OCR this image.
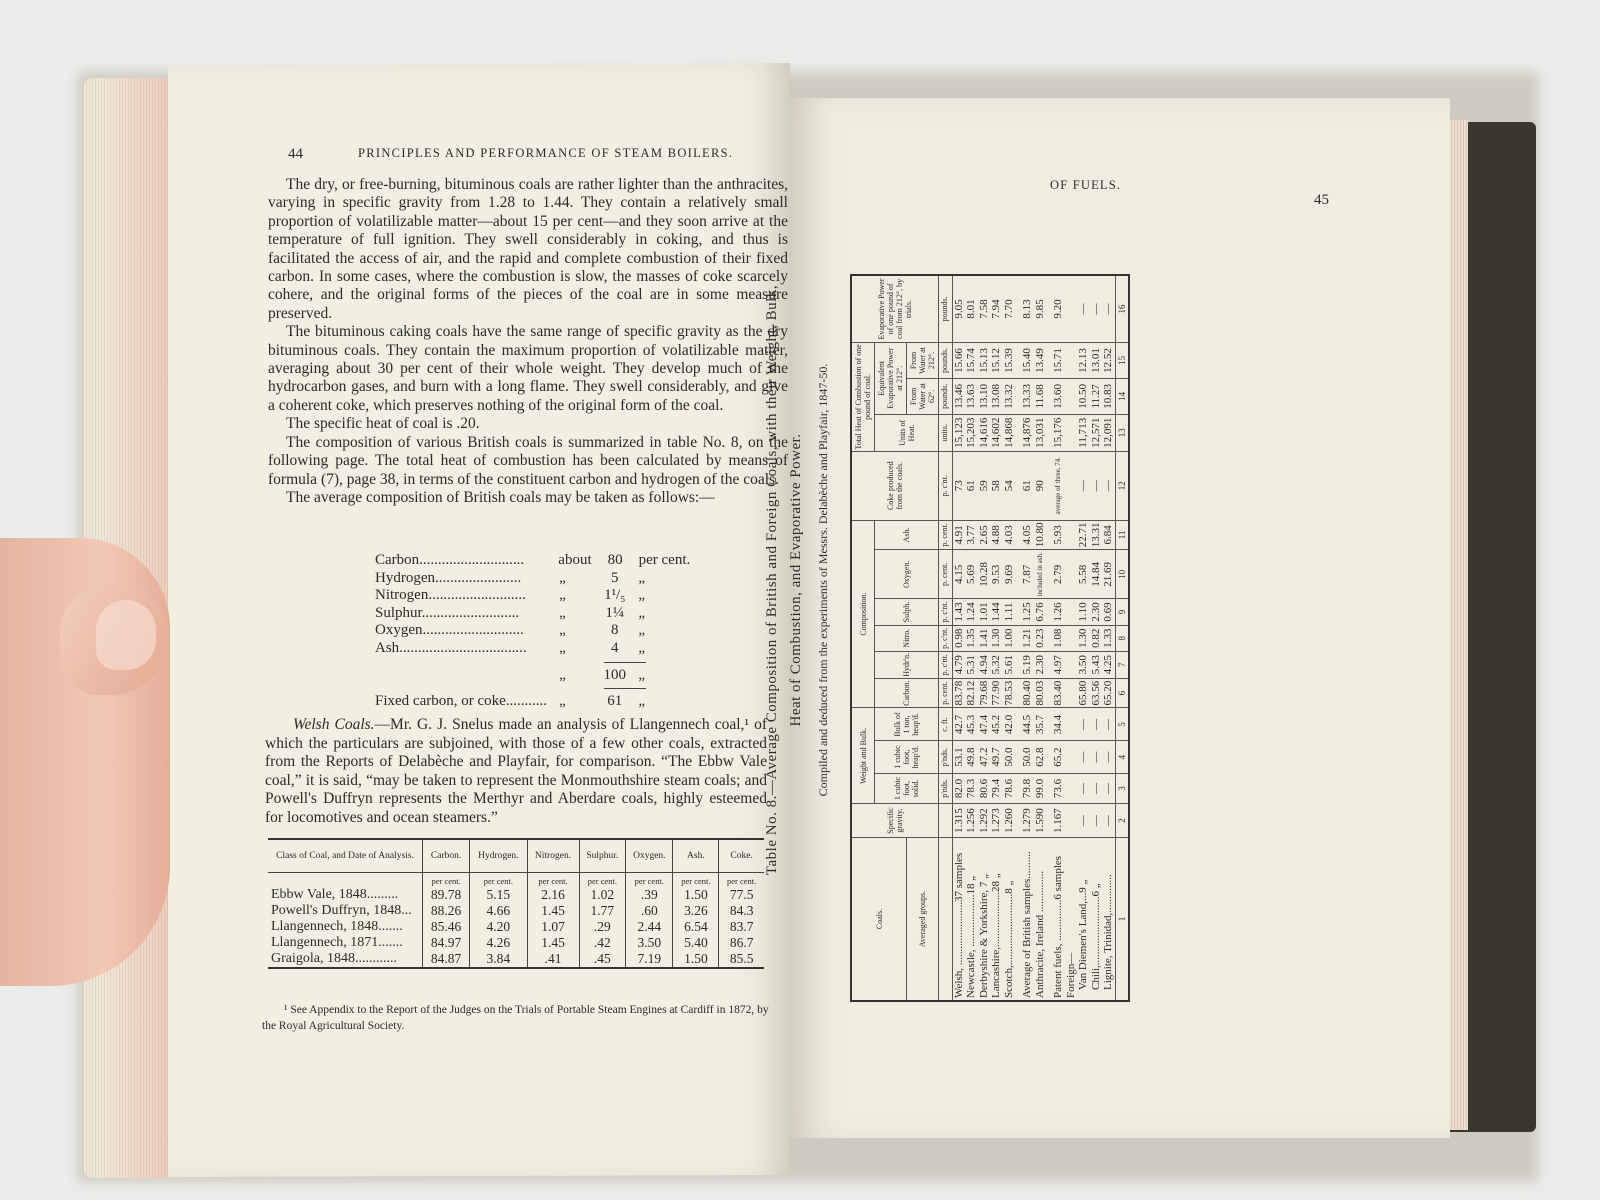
44	PRINCIPLES AND PERFORMANCE OF STEAM BOILERS.

The dry, or free-burning, bituminous coals are rather lighter than the anthracites, varying in specific gravity from 1.28 to 1.44. They contain a relatively small proportion of volatilizable matter—about 15 per cent—and they soon arrive at the temperature of full ignition. They swell considerably in coking, and thus is facilitated the access of air, and the rapid and complete combustion of their fixed carbon. In some cases, where the combustion is slow, the masses of coke scarcely cohere, and the original forms of the pieces of the coal are in some measure preserved.

The bituminous caking coals have the same range of specific gravity as the dry bituminous coals. They contain the maximum proportion of volatilizable matter, averaging about 30 per cent of their whole weight. They develop much of the hydrocarbon gases, and burn with a long flame. They swell considerably, and give a coherent coke, which preserves nothing of the original form of the coal.

The specific heat of coal is .20.

The composition of various British coals is summarized in table No. 8, on the following page. The total heat of combustion has been calculated by means of formula (7), page 38, in terms of the constituent carbon and hydrogen of the coals.

The average composition of British coals may be taken as follows:—

Carbon............................	about	80	per cent.
Hydrogen.......................	„	5	„
Nitrogen..........................	„	1¹/₅ „
Sulphur..........................	„	1¼ „
Oxygen...........................	„	8	„
Ash..................................	„	4	„
„	100 „
Fixed carbon, or coke........... „	61	„

Welsh Coals.—Mr. G. J. Snelus made an analysis of Llangennech coal,¹ of which the particulars are subjoined, with those of a few other coals, extracted from the Reports of Delabèche and Playfair, for comparison. “The Ebbw Vale coal,” it is said, “may be taken to represent the Monmouthshire steam coals; and Powell's Duffryn represents the Merthyr and Aberdare coals, highly esteemed for locomotives and ocean steamers.”

Class of Coal, and Date of Analysis.	Carbon.	Hydrogen.	Nitrogen.	Sulphur.	Oxygen.	Ash.	Coke.
	per cent.	per cent.	per cent.	per cent.	per cent.	per cent.	per cent.
Ebbw Vale, 1848.........	89.78	5.15	2.16	1.02	.39	1.50	77.5
Powell's Duffryn, 1848...	88.26	4.66	1.45	1.77	.60	3.26	84.3
Llangennech, 1848.......	85.46	4.20	1.07	.29	2.44	6.54	83.7
Llangennech, 1871.......	84.97	4.26	1.45	.42	3.50	5.40	86.7
Graigola, 1848............	84.87	3.84	.41	.45	7.19	1.50	85.5

¹ See Appendix to the Report of the Judges on the Trials of Portable Steam Engines at Cardiff in 1872, by the Royal Agricultural Society.

OF FUELS.
45
Table No. 8.—Average Composition of British and Foreign Coals, with their Weight, Bulk, Heat of Combustion, and Evaporative Power. Compiled and deduced from the experiments of Messrs. Delabèche and Playfair, 1847-50.
Coals.	Specific gravity.	Weight and Bulk.			Composition.						Coke produced from the coals.	Total Heat of Combustion of one pound of coal.			Evaporative Power of one pound of coal from 212°, by trials.
		1 cubic foot, solid.	1 cubic foot, heap'd.	Bulk of 1 ton, heap'd.	Carbon.	Hydr'n.	Nitro.	Sulph.	Oxygen.	Ash.		Units of Heat.	Equivalent Evaporative Power at 212°.		
Averaged groups.													From Water at 62°.	From Water at 212°.	
		p'nds.	p'nds.	c. ft.	p. cent.	p. c'nt.	p. c'nt.	p. c'nt.	p. cent.	p. cent.	p. c'nt.	units.	pounds.	pounds.	pounds.
Welsh, .......................37 samples	1.315	82.0	53.1	42.7	83.78	4.79	0.98	1.43	4.15	4.91	73	15,123	13.46	15.66	9.05
Newcastle, ...................18 „	1.256	78.3	49.8	45.3	82.12	5.31	1.35	1.24	5.69	3.77	61	15,203	13.63	15.74	8.01
Derbyshire & Yorkshire, 7 „	1.292	80.6	47.2	47.4	79.68	4.94	1.41	1.01	10.28	2.65	59	14,616	13.10	15.13	7.58
Lancashire,....................28 „	1.273	79.4	49.7	45.2	77.90	5.32	1.30	1.44	9.53	4.88	58	14,602	13.08	15.12	7.94
Scotch,..........................8 „	1.260	78.6	50.0	42.0	78.53	5.61	1.00	1.11	9.69	4.03	54	14,868	13.32	15.39	7.70

Average of British samples..........	1.279	79.8	50.0	44.5	80.40	5.19	1.21	1.25	7.87	4.05	61	14,876	13.33	15.40	8.13
Anthracite, Ireland ...............	1.590	99.0	62.8	35.7	80.03	2.30	0.23	6.76	included in ash.	10.80	90	13,031	11.68	13.49	9.85

Patent fuels, ...............6 samples	1.167	73.6	65.2	34.4	83.40	4.97	1.08	1.26	2.79	5.93	average of three, 74.	15,176	13.60	15.71	9.20
Foreign—															
Van Diemen's Land,...9 „	—	—	—	—	65.80	3.50	1.30	1.10	5.58	22.71	—	11,713	10.50	12.13	—
Chili,.........................6 „	—	—	—	—	63.56	5.43	0.82	2.30	14.84	13.31	—	12,571	11.27	13.01	—
Lignite, Trinidad,..............	—	—	—	—	65.20	4.25	1.33	0.69	21.69	6.84	—	12,091	10.83	12.52	—
1	2	3	4	5	6	7	8	9	10	11	12	13	14	15	16
